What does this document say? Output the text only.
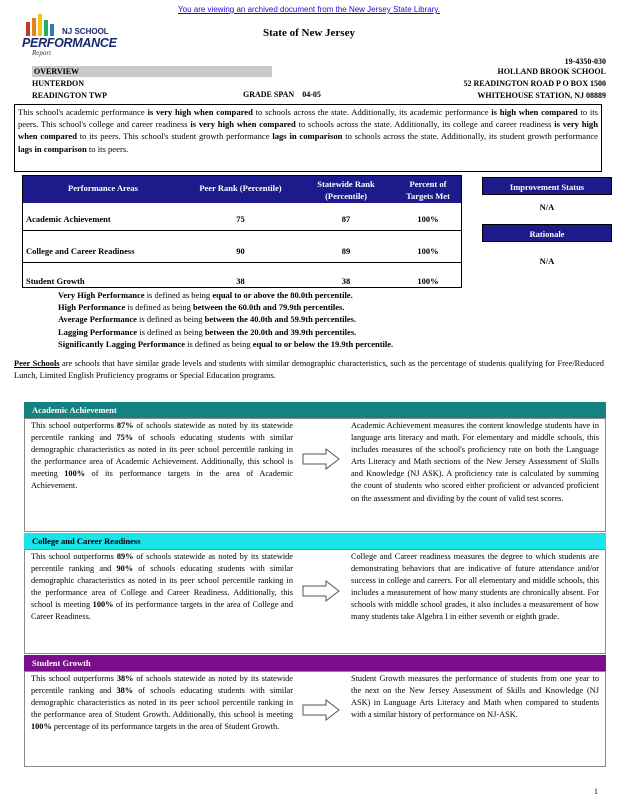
You are viewing an archived document from the New Jersey State Library.
NJ SCHOOL
PERFORMANCE
Report
State of New Jersey
19-4350-030
OVERVIEW	HOLLAND BROOK SCHOOL
HUNTERDON	52 READINGTON ROAD P O BOX 1500
READINGTON TWP	GRADE SPAN 04-05	WHITEHOUSE STATION, NJ 08889
This school's academic performance is very high when compared to schools across the state. Additionally, its academic performance is high when compared to its peers. This school's college and career readiness is very high when compared to schools across the state. Additionally, its college and career readiness is very high when compared to its peers. This school's student growth performance lags in comparison to schools across the state. Additionally, its student growth performance lags in comparison to its peers.
Performance Areas	Peer Rank (Percentile)	Statewide Rank
(Percentile)
Percent of
Targets Met
Academic Achievement	75	87	100%
College and Career Readiness	90	89	100%
Student Growth	38	38	100%
Improvement Status
N/A
Rationale
N/A
Very High Performance is defined as being equal to or above the 80.0th percentile.
High Performance is defined as being between the 60.0th and 79.9th percentiles.
Average Performance is defined as being between the 40.0th and 59.9th percentiles.
Lagging Performance is defined as being between the 20.0th and 39.9th percentiles.
Significantly Lagging Performance is defined as being equal to or below the 19.9th percentile.
Peer Schools are schools that have similar grade levels and students with similar demographic characteristics, such as the percentage of students qualifying for Free/Reduced Lunch, Limited English Proficiency programs or Special Education programs.
Academic Achievement
This school outperforms 87% of schools statewide as noted by its statewide percentile ranking and 75% of schools educating students with similar demographic characteristics as noted in its peer school percentile ranking in the performance area of Academic Achievement. Additionally, this school is meeting 100% of its performance targets in the area of Academic Achievement.
Academic Achievement measures the content knowledge students have in language arts literacy and math. For elementary and middle schools, this includes measures of the school's proficiency rate on both the Language Arts Literacy and Math sections of the New Jersey Assessment of Skills and Knowledge (NJ ASK). A proficiency rate is calculated by summing the count of students who scored either proficient or advanced proficient on the assessment and dividing by the count of valid test scores.
College and Career Readiness
This school outperforms 89% of schools statewide as noted by its statewide percentile ranking and 90% of schools educating students with similar demographic characteristics as noted in its peer school percentile ranking in the performance area of College and Career Readiness. Additionally, this school is meeting 100% of its performance targets in the area of College and Career Readiness.
College and Career readiness measures the degree to which students are demonstrating behaviors that are indicative of future attendance and/or success in college and careers. For all elementary and middle schools, this includes a measurement of how many students are chronically absent. For schools with middle school grades, it also includes a measurement of how many students take Algebra I in either seventh or eighth grade.
Student Growth
This school outperforms 38% of schools statewide as noted by its statewide percentile ranking and 38% of schools educating students with similar demographic characteristics as noted in its peer school percentile ranking in the performance area of Student Growth. Additionally, this school is meeting 100% percentage of its performance targets in the area of Student Growth.
Student Growth measures the performance of students from one year to the next on the New Jersey Assessment of Skills and Knowledge (NJ ASK) in Language Arts Literacy and Math when compared to students with a similar history of performance on NJ-ASK.
1
